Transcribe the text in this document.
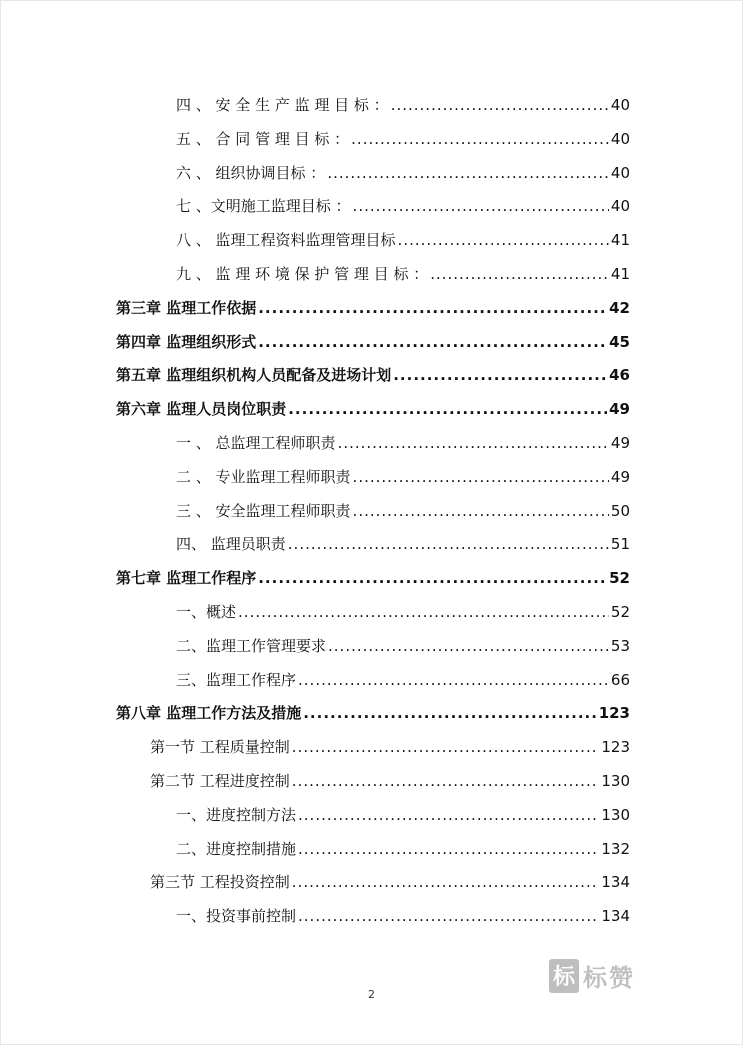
四 、 安 全 生 产 监 理 目 标 ： .....	40
五 、 合 同 管 理 目 标 ： .....	40
六 、 组织协调目标 ： .....	40
七 、文明施工监理目标 ： .....	40
八 、 监理工程资料监理管理目标 .....	41
九 、 监 理 环 境 保 护 管 理 目 标 ： .....	41
第三章 监理工作依据 .....	42
第四章 监理组织形式 .....	45
第五章 监理组织机构人员配备及进场计划 .....	46
第六章 监理人员岗位职责 .....	49
一 、 总监理工程师职责 .....	49
二 、 专业监理工程师职责 .....	49
三 、 安全监理工程师职责 .....	50
四、 监理员职责 .....	51
第七章 监理工作程序 .....	52
一、概述 .....	52
二、监理工作管理要求 .....	53
三、监理工作程序 .....	66
第八章 监理工作方法及措施 .....	123
第一节 工程质量控制 .....	123
第二节 工程进度控制 .....	130
一、进度控制方法 .....	130
二、进度控制措施 .....	132
第三节 工程投资控制 .....	134
一、投资事前控制 .....	134
2
标 标赞
